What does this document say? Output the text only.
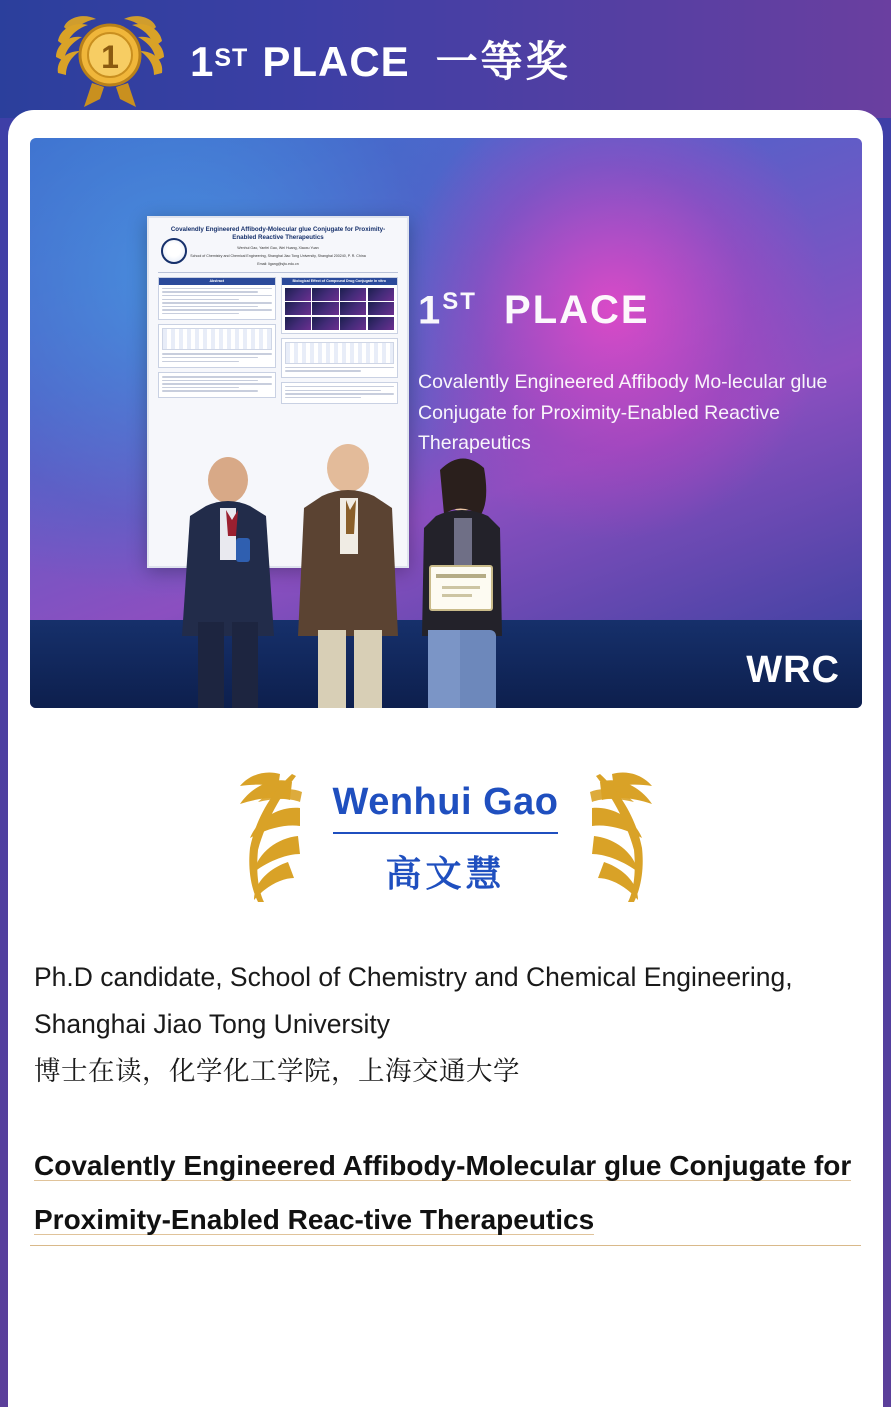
1 1 ST PLACE 一等奖
Covalendly Engineered Affibody-Molecular glue Conjugate for Proximity-Enabled Reactive Therapeutics
Wenhui Gao, Yanfei Gao, Wei Huang, Xiaoxu Yuan
School of Chemistry and Chemical Engineering, Shanghai Jiao Tong University, Shanghai 200240, P. R. China
Email: ligang@sjtu.edu.cn
Abstract	Biological Effect of Compound Drug Conjugate in vitro
1ST PLACE
Covalently Engineered Affibody Mo-lecular glue Conjugate for Proximity-Enabled Reactive Therapeutics
WRC
Wenhui Gao
高文慧
Ph.D candidate, School of Chemistry and Chemical Engineering, Shanghai Jiao Tong University
博士在读，化学化工学院，上海交通大学
Covalently Engineered Affibody-Molecular glue Conjugate for Proximity-Enabled Reac-tive Therapeutics
